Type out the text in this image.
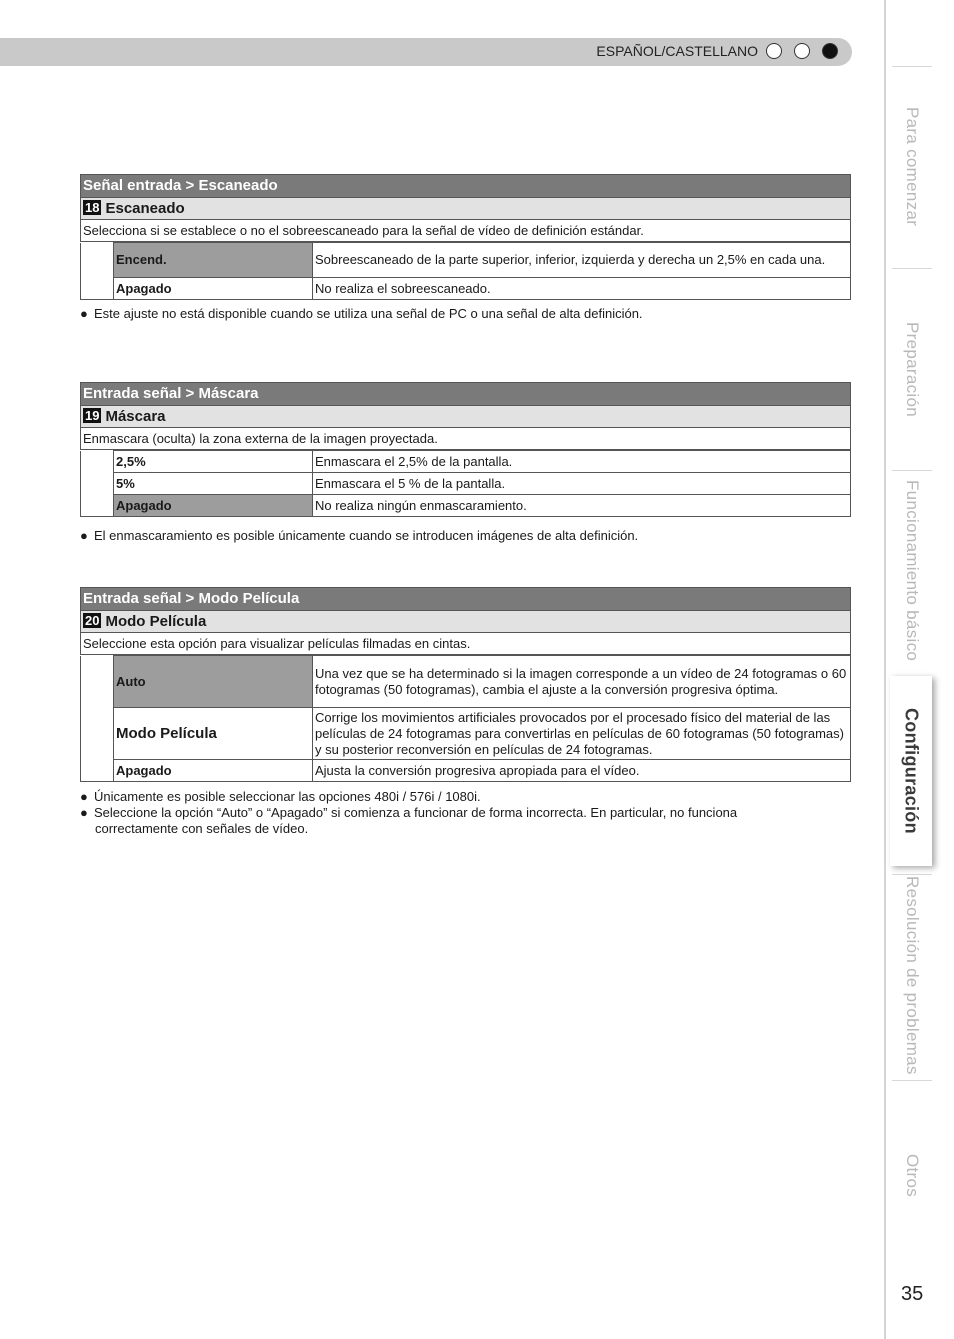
ESPAÑOL/CASTELLANO
Señal entrada > Escaneado
18 Escaneado
Selecciona si se establece o no el sobreescaneado para la señal de vídeo de definición estándar.
	Encend.	Sobreescaneado de la parte superior, inferior, izquierda y derecha un 2,5% en cada una.
	Apagado	No realiza el sobreescaneado.
● Este ajuste no está disponible cuando se utiliza una señal de PC o una señal de alta definición.
Entrada señal > Máscara
19 Máscara
Enmascara (oculta) la zona externa de la imagen proyectada.
	2,5%	Enmascara el 2,5% de la pantalla.
	5%	Enmascara el 5 % de la pantalla.
	Apagado	No realiza ningún enmascaramiento.
● El enmascaramiento es posible únicamente cuando se introducen imágenes de alta definición.
Entrada señal > Modo Película
20 Modo Película
Seleccione esta opción para visualizar películas filmadas en cintas.
	Auto	Una vez que se ha determinado si la imagen corresponde a un vídeo de 24 fotogramas o 60 fotogramas (50 fotogramas), cambia el ajuste a la conversión progresiva óptima.
	Modo Película	Corrige los movimientos artificiales provocados por el procesado físico del material de las películas de 24 fotogramas para convertirlas en películas de 60 fotogramas (50 fotogramas) y su posterior reconversión en películas de 24 fotogramas.
	Apagado	Ajusta la conversión progresiva apropiada para el vídeo.
● Únicamente es posible seleccionar las opciones 480i / 576i / 1080i.
● Seleccione la opción “Auto” o “Apagado” si comienza a funcionar de forma incorrecta. En particular, no funciona
correctamente con señales de vídeo.
Para comenzar
Preparación
Funcionamiento básico
Configuración
Resolución de problemas
Otros
35
